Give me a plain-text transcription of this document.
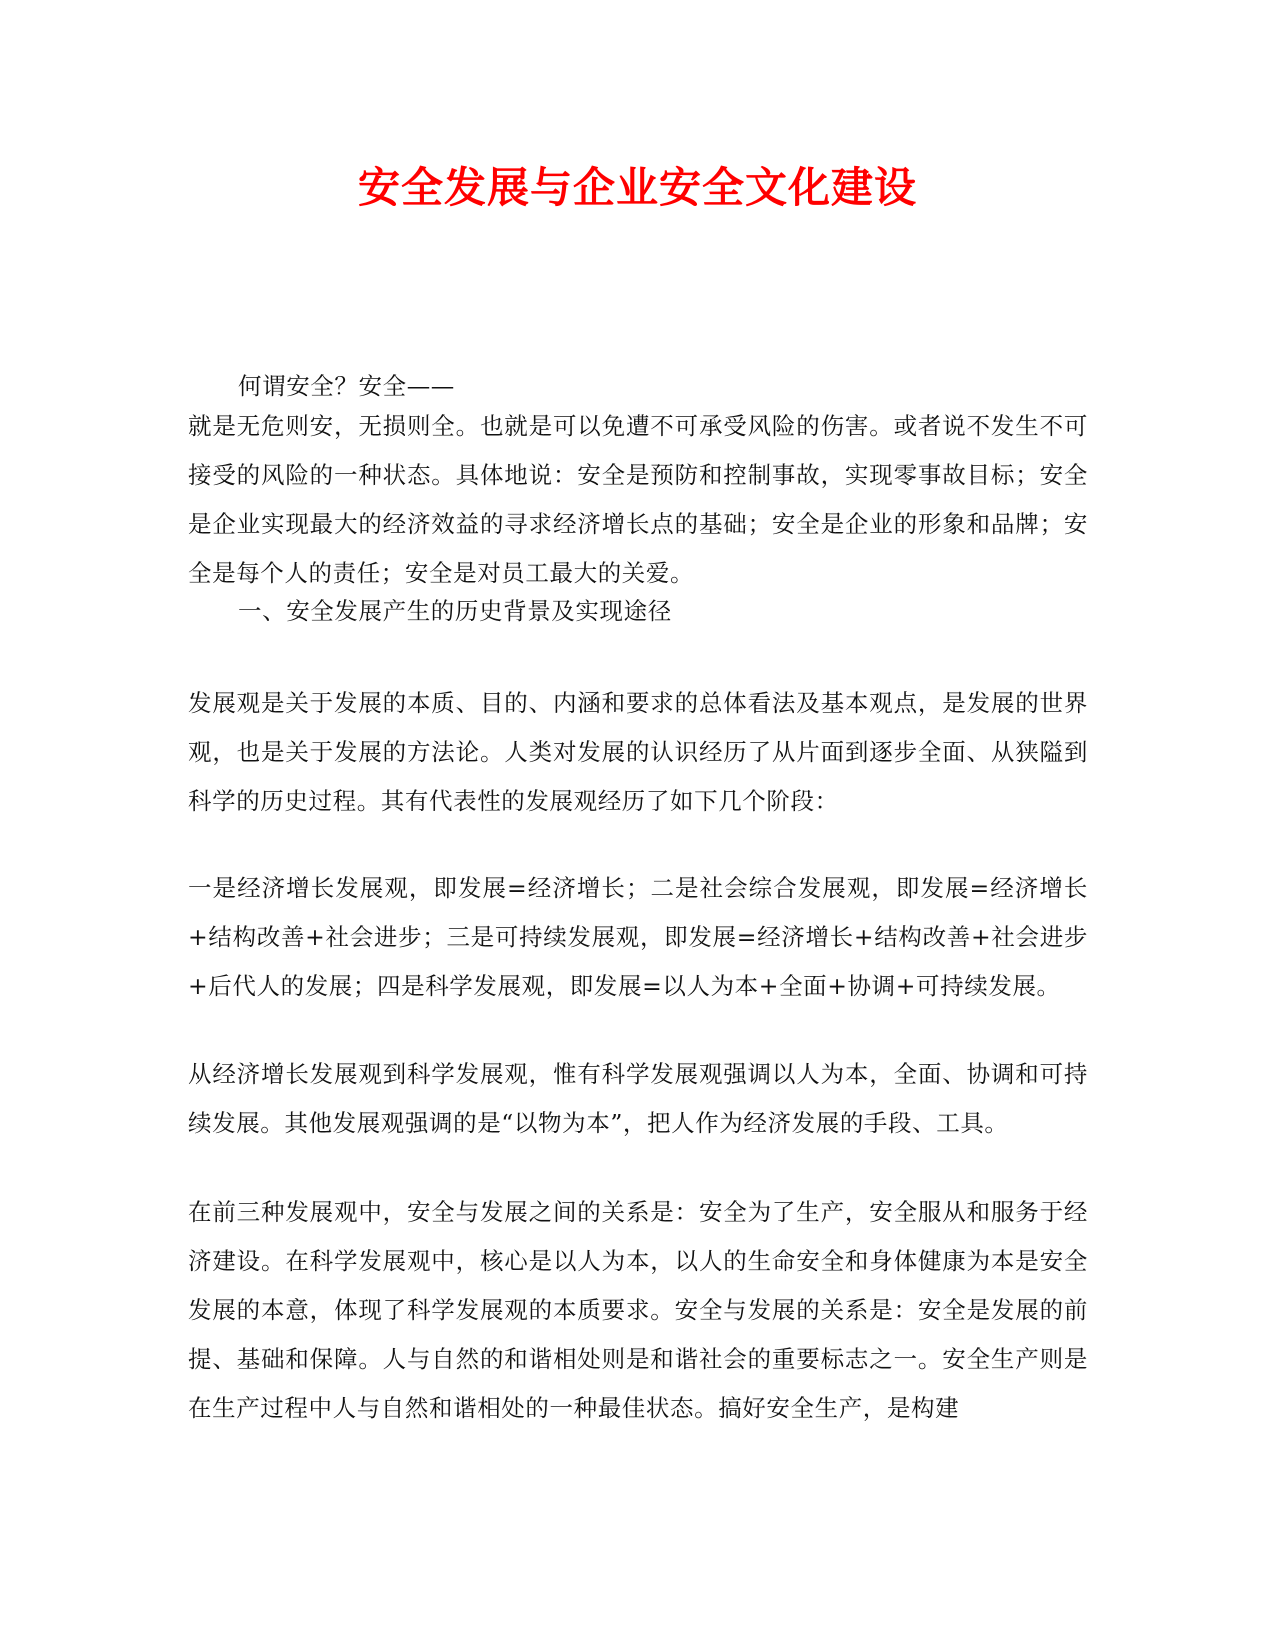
安全发展与企业安全文化建设
何谓安全？安全——
就是无危则安，无损则全。也就是可以免遭不可承受风险的伤害。或者说不发生不可接受的风险的一种状态。具体地说：安全是预防和控制事故，实现零事故目标；安全是企业实现最大的经济效益的寻求经济增长点的基础；安全是企业的形象和品牌；安全是每个人的责任；安全是对员工最大的关爱。
一、安全发展产生的历史背景及实现途径
发展观是关于发展的本质、目的、内涵和要求的总体看法及基本观点，是发展的世界观，也是关于发展的方法论。人类对发展的认识经历了从片面到逐步全面、从狭隘到科学的历史过程。其有代表性的发展观经历了如下几个阶段：
一是经济增长发展观，即发展=经济增长；二是社会综合发展观，即发展=经济增长+结构改善+社会进步；三是可持续发展观，即发展=经济增长+结构改善+社会进步+后代人的发展；四是科学发展观，即发展=以人为本+全面+协调+可持续发展。
从经济增长发展观到科学发展观，惟有科学发展观强调以人为本，全面、协调和可持续发展。其他发展观强调的是“以物为本”，把人作为经济发展的手段、工具。
在前三种发展观中，安全与发展之间的关系是：安全为了生产，安全服从和服务于经济建设。在科学发展观中，核心是以人为本，以人的生命安全和身体健康为本是安全发展的本意，体现了科学发展观的本质要求。安全与发展的关系是：安全是发展的前提、基础和保障。人与自然的和谐相处则是和谐社会的重要标志之一。安全生产则是在生产过程中人与自然和谐相处的一种最佳状态。搞好安全生产，是构建
